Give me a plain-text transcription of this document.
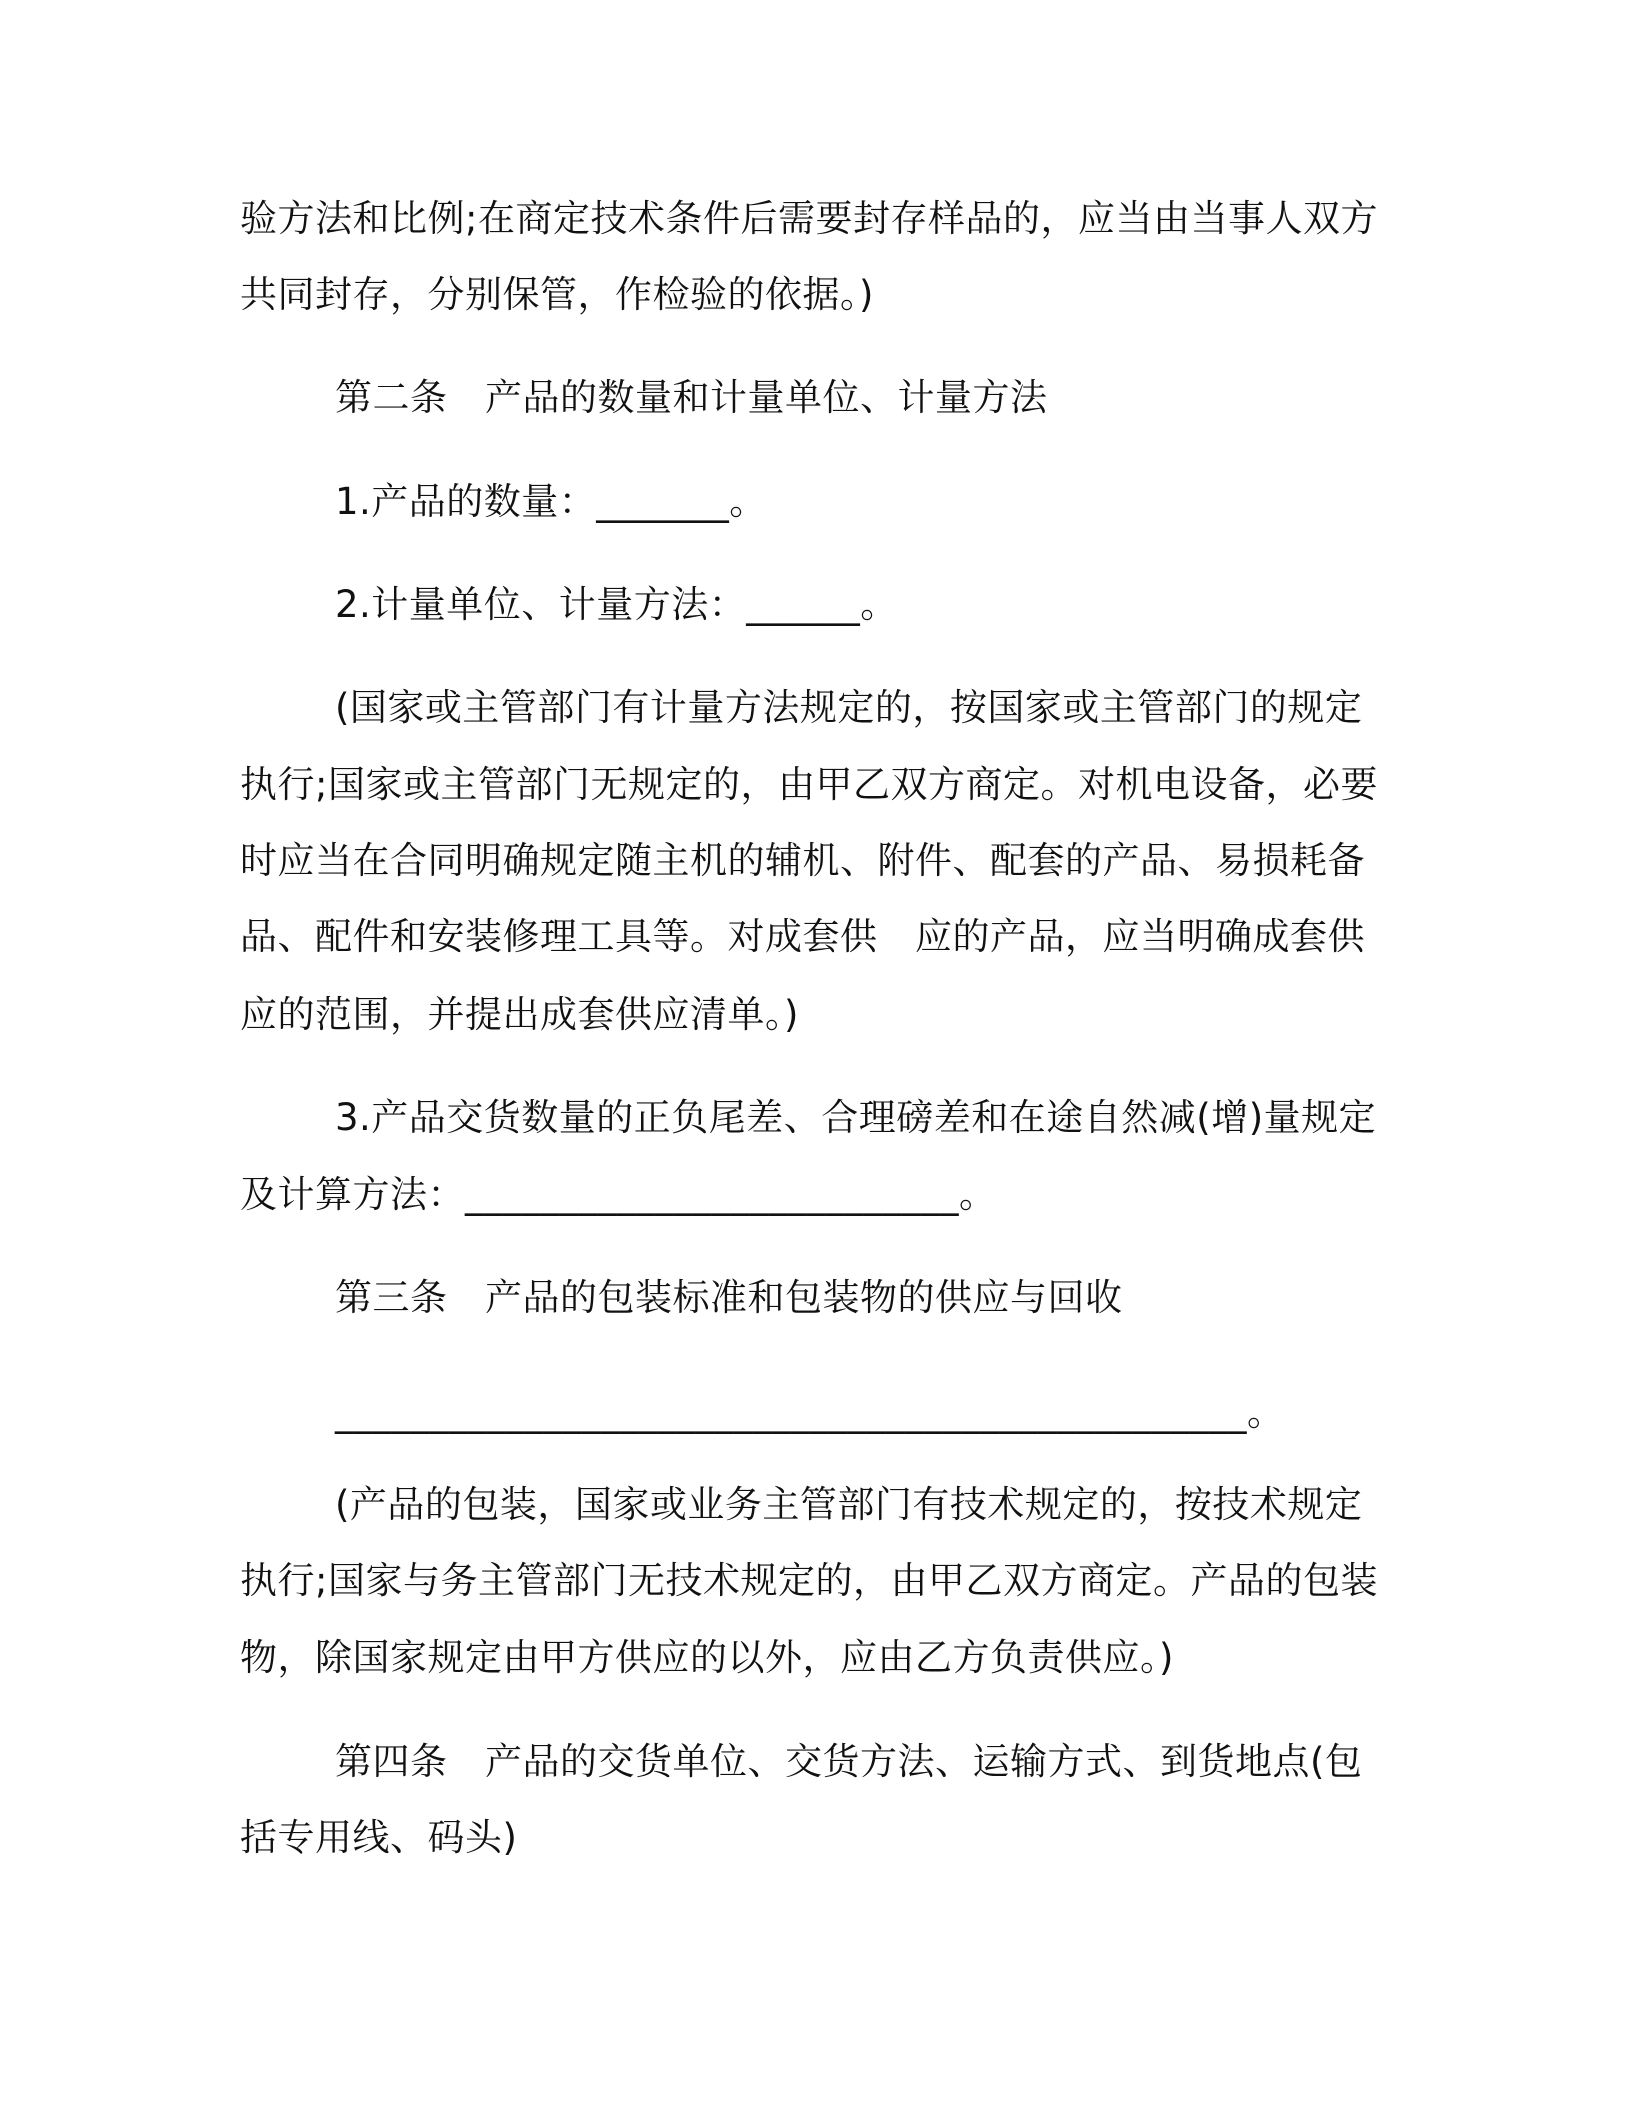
验方法和比例;在商定技术条件后需要封存样品的，应当由当事人双方
共同封存，分别保管，作检验的依据。)
第二条　产品的数量和计量单位、计量方法
1.产品的数量：_______。
2.计量单位、计量方法：______。
(国家或主管部门有计量方法规定的，按国家或主管部门的规定
执行;国家或主管部门无规定的，由甲乙双方商定。对机电设备，必要
时应当在合同明确规定随主机的辅机、附件、配套的产品、易损耗备
品、配件和安装修理工具等。对成套供　应的产品，应当明确成套供
应的范围，并提出成套供应清单。)
3.产品交货数量的正负尾差、合理磅差和在途自然减(增)量规定
及计算方法：__________________________。
第三条　产品的包装标准和包装物的供应与回收
________________________________________________。
(产品的包装，国家或业务主管部门有技术规定的，按技术规定
执行;国家与务主管部门无技术规定的，由甲乙双方商定。产品的包装
物，除国家规定由甲方供应的以外，应由乙方负责供应。)
第四条　产品的交货单位、交货方法、运输方式、到货地点(包
括专用线、码头)
